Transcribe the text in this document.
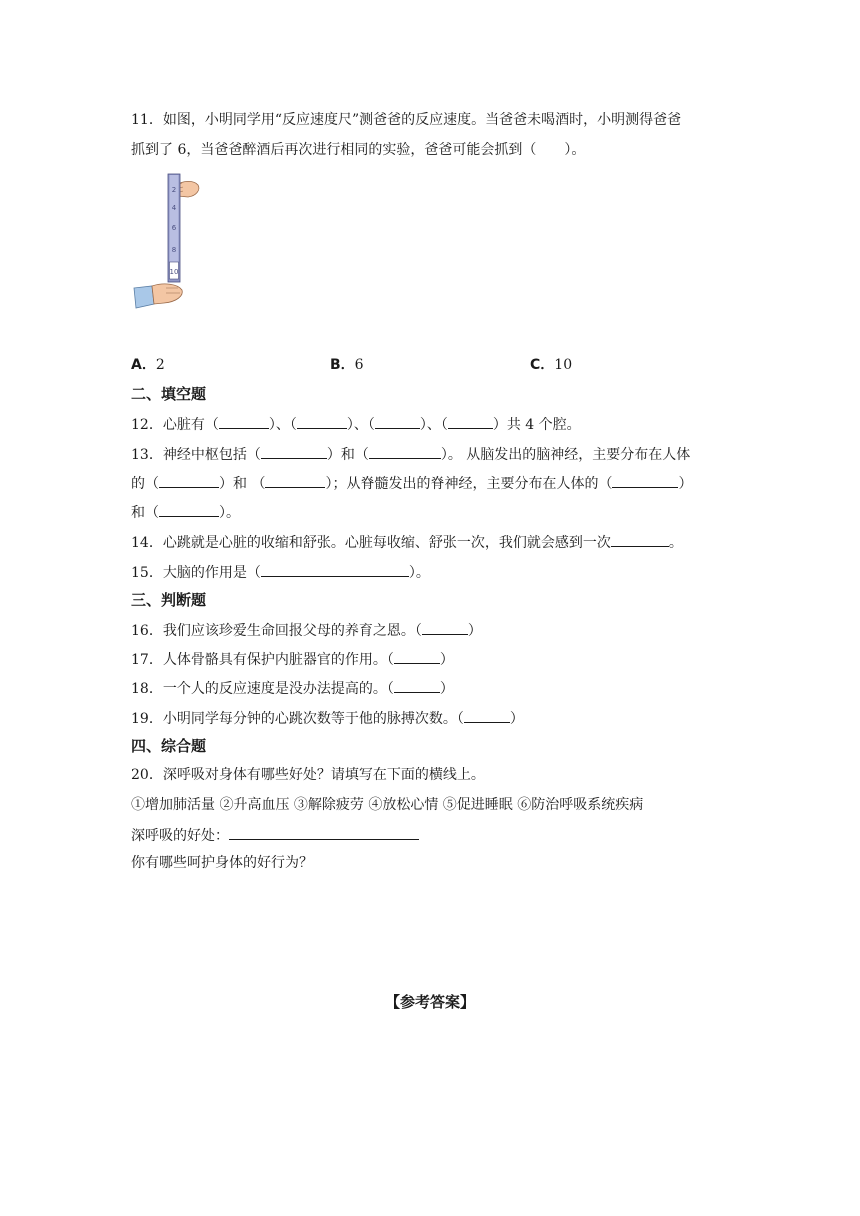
11．如图，小明同学用“反应速度尺”测爸爸的反应速度。当爸爸未喝酒时，小明测得爸爸
抓到了 6，当爸爸醉酒后再次进行相同的实验，爸爸可能会抓到（　　）。
2
4
6
8
10
A．2	B．6	C．10
二、填空题
12．心脏有（	）、（	）、（	）、（	）共 4 个腔。
13．神经中枢包括（	）和（	）。 从脑发出的脑神经，主要分布在人体
的（	）和 （	）；从脊髓发出的脊神经，主要分布在人体的（	）
和（	）。
14．心跳就是心脏的收缩和舒张。心脏每收缩、舒张一次，我们就会感到一次	。
15．大脑的作用是（	）。
三、判断题
16．我们应该珍爱生命回报父母的养育之恩。（	）
17．人体骨骼具有保护内脏器官的作用。（	）
18．一个人的反应速度是没办法提高的。（	）
19．小明同学每分钟的心跳次数等于他的脉搏次数。（	）
四、综合题
20．深呼吸对身体有哪些好处？请填写在下面的横线上。
①增加肺活量 ②升高血压 ③解除疲劳 ④放松心情 ⑤促进睡眠 ⑥防治呼吸系统疾病
深呼吸的好处：
你有哪些呵护身体的好行为？
【参考答案】
